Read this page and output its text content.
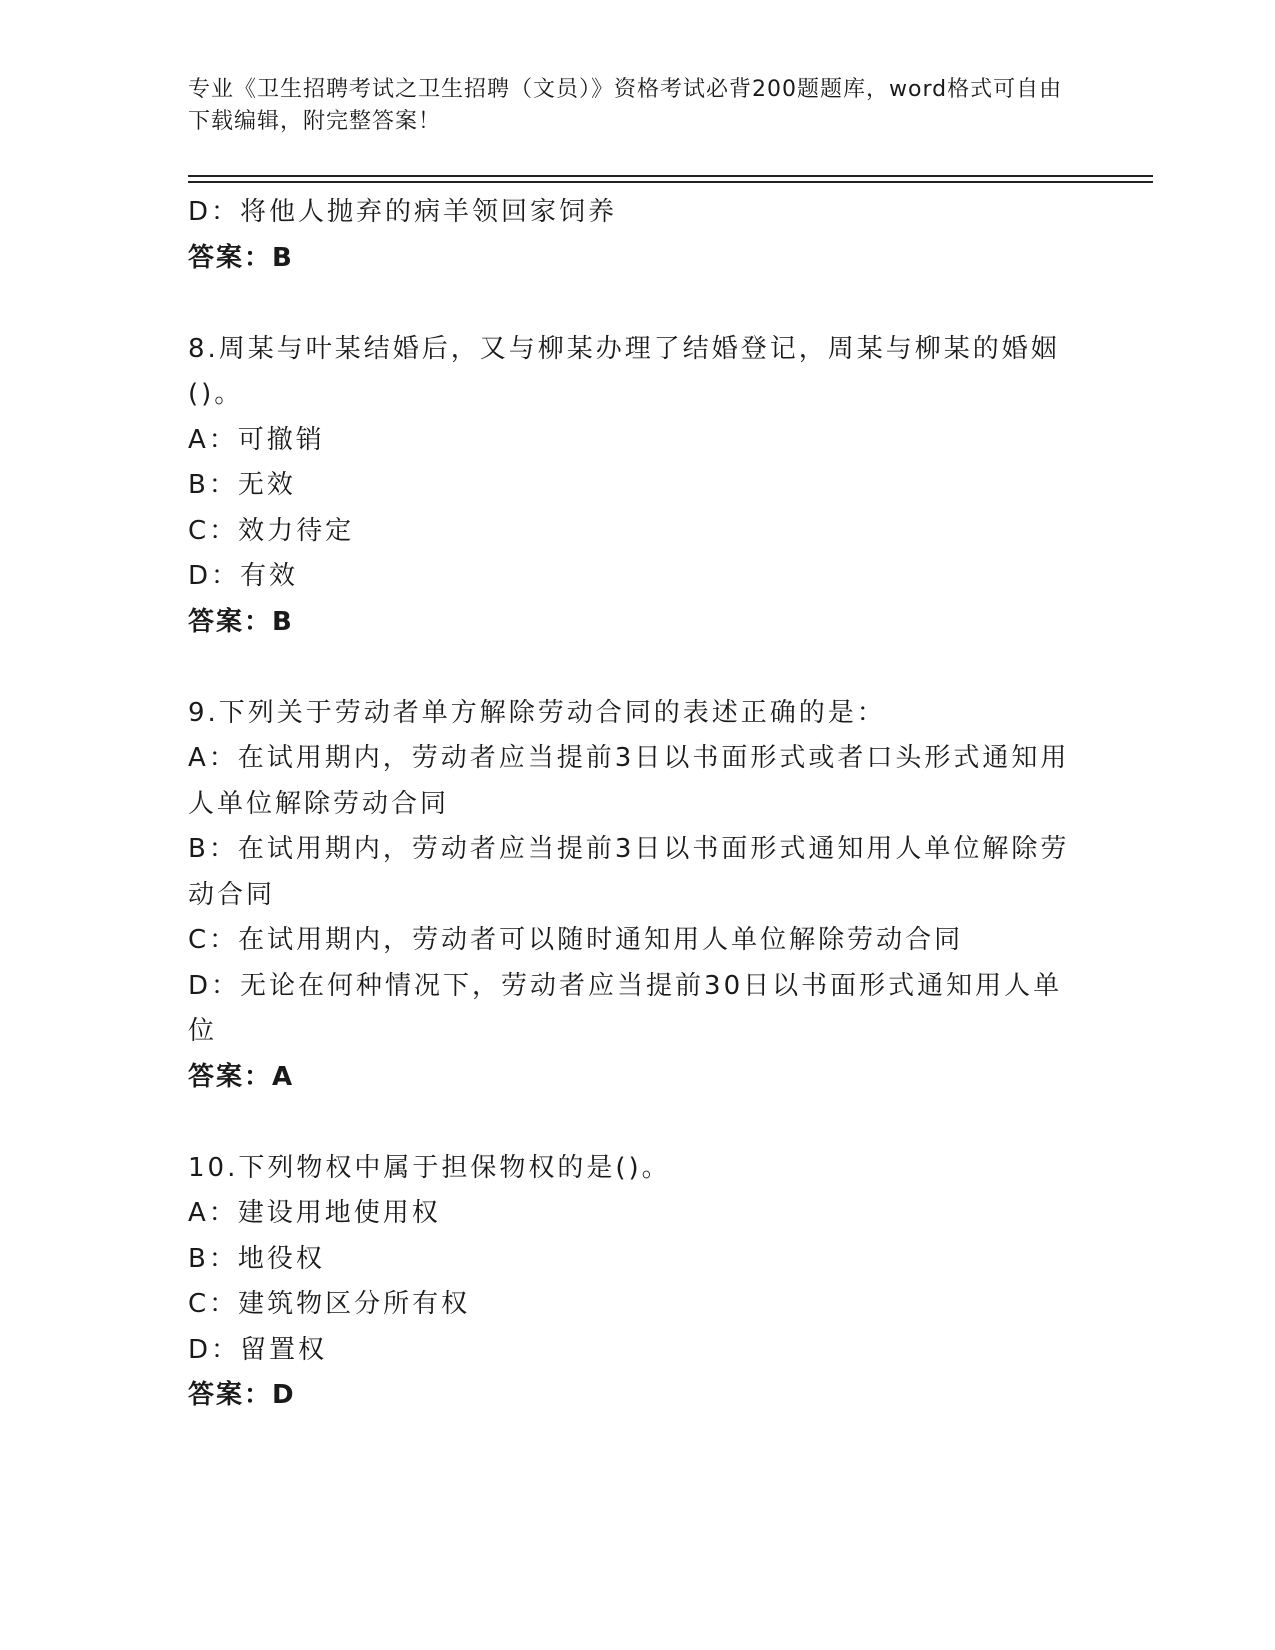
专业《卫生招聘考试之卫生招聘（文员）》资格考试必背200题题库，word格式可自由下载编辑，附完整答案！
D：将他人抛弃的病羊领回家饲养
答案：B
8.周某与叶某结婚后，又与柳某办理了结婚登记，周某与柳某的婚姻()。
A：可撤销
B：无效
C：效力待定
D：有效
答案：B
9.下列关于劳动者单方解除劳动合同的表述正确的是：
A：在试用期内，劳动者应当提前3日以书面形式或者口头形式通知用人单位解除劳动合同
B：在试用期内，劳动者应当提前3日以书面形式通知用人单位解除劳动合同
C：在试用期内，劳动者可以随时通知用人单位解除劳动合同
D：无论在何种情况下，劳动者应当提前30日以书面形式通知用人单位
答案：A
10.下列物权中属于担保物权的是()。
A：建设用地使用权
B：地役权
C：建筑物区分所有权
D：留置权
答案：D
